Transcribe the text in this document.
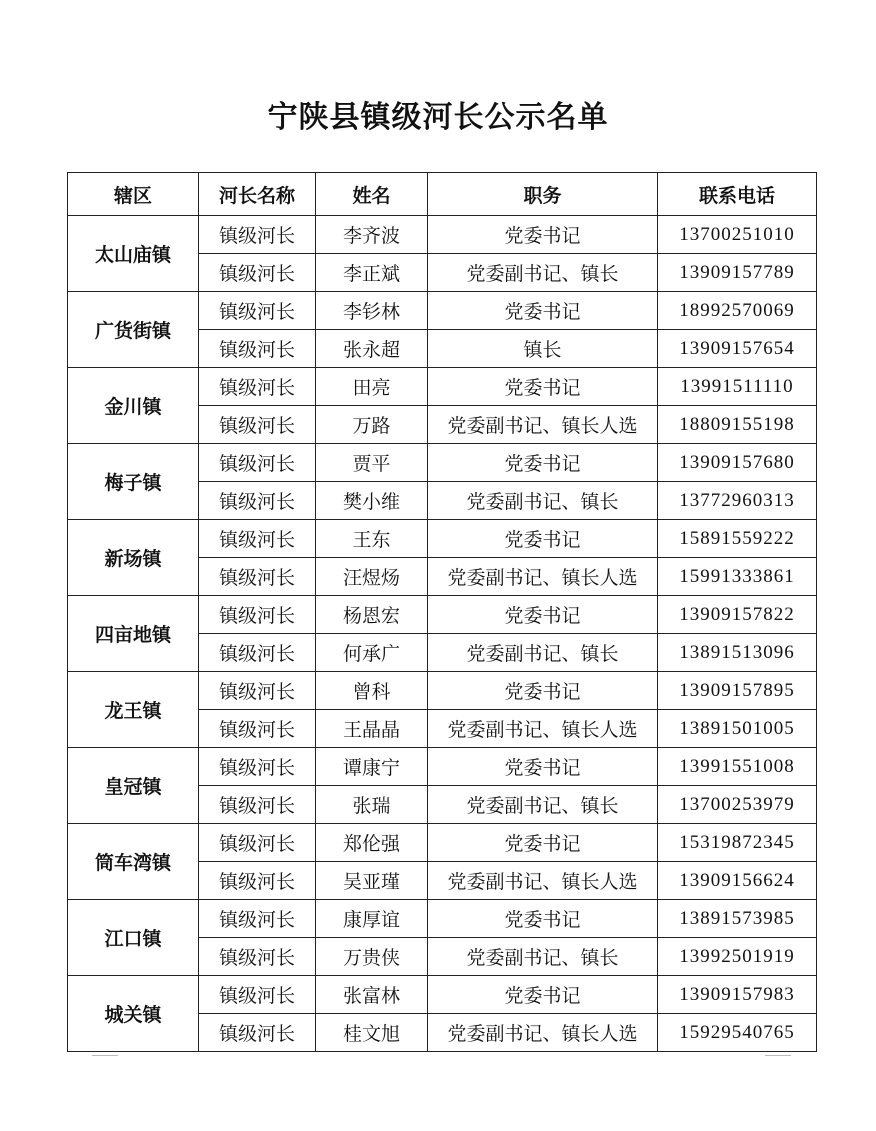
宁陕县镇级河长公示名单
辖区	河长名称	姓名	职务	联系电话
太山庙镇	镇级河长	李齐波	党委书记	13700251010
	镇级河长	李正斌	党委副书记、镇长	13909157789
广货街镇	镇级河长	李钐林	党委书记	18992570069
	镇级河长	张永超	镇长	13909157654
金川镇	镇级河长	田亮	党委书记	13991511110
	镇级河长	万路	党委副书记、镇长人选	18809155198
梅子镇	镇级河长	贾平	党委书记	13909157680
	镇级河长	樊小维	党委副书记、镇长	13772960313
新场镇	镇级河长	王东	党委书记	15891559222
	镇级河长	汪煜炀	党委副书记、镇长人选	15991333861
四亩地镇	镇级河长	杨恩宏	党委书记	13909157822
	镇级河长	何承广	党委副书记、镇长	13891513096
龙王镇	镇级河长	曾科	党委书记	13909157895
	镇级河长	王晶晶	党委副书记、镇长人选	13891501005
皇冠镇	镇级河长	谭康宁	党委书记	13991551008
	镇级河长	张瑞	党委副书记、镇长	13700253979
筒车湾镇	镇级河长	郑伦强	党委书记	15319872345
	镇级河长	吴亚瑾	党委副书记、镇长人选	13909156624
江口镇	镇级河长	康厚谊	党委书记	13891573985
	镇级河长	万贵侠	党委副书记、镇长	13992501919
城关镇	镇级河长	张富林	党委书记	13909157983
	镇级河长	桂文旭	党委副书记、镇长人选	15929540765
